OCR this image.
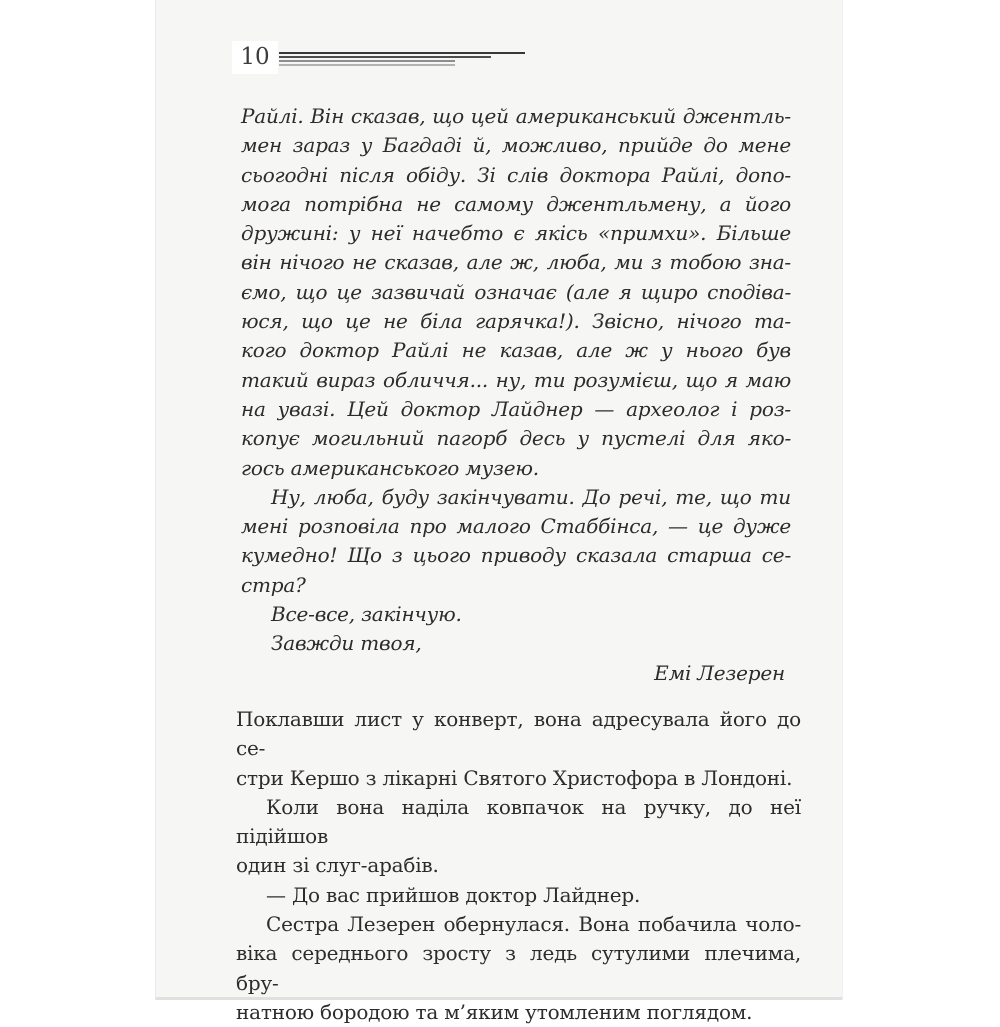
10
Райлі. Він сказав, що цей американський джентль-
мен зараз у Багдаді й, можливо, прийде до мене
сьогодні після обіду. Зі слів доктора Райлі, допо-
мога потрібна не самому джентльмену, а його
дружині: у неї начебто є якісь «примхи». Більше
він нічого не сказав, але ж, люба, ми з тобою зна-
ємо, що це зазвичай означає (але я щиро сподіва-
юся, що це не біла гарячка!). Звісно, нічого та-
кого доктор Райлі не казав, але ж у нього був
такий вираз обличчя... ну, ти розумієш, що я маю
на увазі. Цей доктор Лайднер — археолог і роз-
копує могильний пагорб десь у пустелі для яко-
гось американського музею.
Ну, люба, буду закінчувати. До речі, те, що ти
мені розповіла про малого Стаббінса, — це дуже
кумедно! Що з цього приводу сказала старша се-
стра?
Все-все, закінчую.
Завжди твоя,
Емі Лезерен
Поклавши лист у конверт, вона адресувала його до се-
стри Кершо з лікарні Святого Христофора в Лондоні.
Коли вона наділа ковпачок на ручку, до неї підійшов
один зі слуг-арабів.
— До вас прийшов доктор Лайднер.
Сестра Лезерен обернулася. Вона побачила чоло-
віка середнього зросту з ледь сутулими плечима, бру-
натною бородою та м’яким утомленим поглядом.
